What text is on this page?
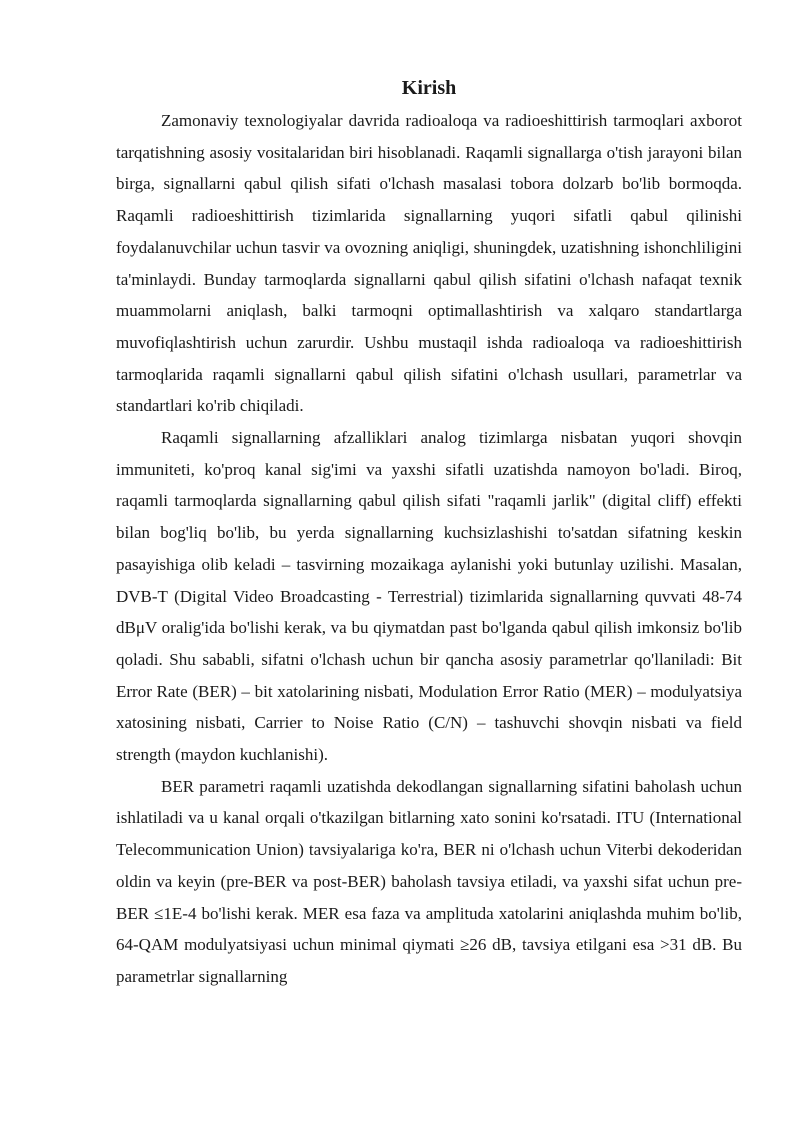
Kirish

Zamonaviy texnologiyalar davrida radioaloqa va radioeshittirish tarmoqlari axborot tarqatishning asosiy vositalaridan biri hisoblanadi. Raqamli signallarga o'tish jarayoni bilan birga, signallarni qabul qilish sifati o'lchash masalasi tobora dolzarb bo'lib bormoqda. Raqamli radioeshittirish tizimlarida signallarning yuqori sifatli qabul qilinishi foydalanuvchilar uchun tasvir va ovozning aniqligi, shuningdek, uzatishning ishonchliligini ta'minlaydi. Bunday tarmoqlarda signallarni qabul qilish sifatini o'lchash nafaqat texnik muammolarni aniqlash, balki tarmoqni optimallashtirish va xalqaro standartlarga muvofiqlashtirish uchun zarurdir. Ushbu mustaqil ishda radioaloqa va radioeshittirish tarmoqlarida raqamli signallarni qabul qilish sifatini o'lchash usullari, parametrlar va standartlari ko'rib chiqiladi.

Raqamli signallarning afzalliklari analog tizimlarga nisbatan yuqori shovqin immuniteti, ko'proq kanal sig'imi va yaxshi sifatli uzatishda namoyon bo'ladi. Biroq, raqamli tarmoqlarda signallarning qabul qilish sifati "raqamli jarlik" (digital cliff) effekti bilan bog'liq bo'lib, bu yerda signallarning kuchsizlashishi to'satdan sifatning keskin pasayishiga olib keladi – tasvirning mozaikaga aylanishi yoki butunlay uzilishi. Masalan, DVB-T (Digital Video Broadcasting - Terrestrial) tizimlarida signallarning quvvati 48-74 dBμV oralig'ida bo'lishi kerak, va bu qiymatdan past bo'lganda qabul qilish imkonsiz bo'lib qoladi. Shu sababli, sifatni o'lchash uchun bir qancha asosiy parametrlar qo'llaniladi: Bit Error Rate (BER) – bit xatolarining nisbati, Modulation Error Ratio (MER) – modulyatsiya xatosining nisbati, Carrier to Noise Ratio (C/N) – tashuvchi shovqin nisbati va field strength (maydon kuchlanishi).

BER parametri raqamli uzatishda dekodlangan signallarning sifatini baholash uchun ishlatiladi va u kanal orqali o'tkazilgan bitlarning xato sonini ko'rsatadi. ITU (International Telecommunication Union) tavsiyalariga ko'ra, BER ni o'lchash uchun Viterbi dekoderidan oldin va keyin (pre-BER va post-BER) baholash tavsiya etiladi, va yaxshi sifat uchun pre-BER ≤1E-4 bo'lishi kerak. MER esa faza va amplituda xatolarini aniqlashda muhim bo'lib, 64-QAM modulyatsiyasi uchun minimal qiymati ≥26 dB, tavsiya etilgani esa >31 dB. Bu parametrlar signallarning
